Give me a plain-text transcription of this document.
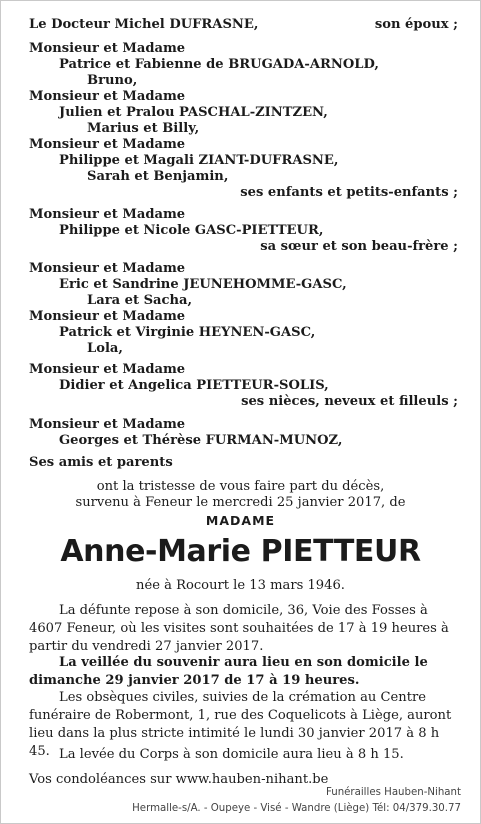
Le Docteur Michel DUFRASNE,	son époux ;
Monsieur et Madame
Patrice et Fabienne de BRUGADA-ARNOLD,
Bruno,
Monsieur et Madame
Julien et Pralou PASCHAL-ZINTZEN,
Marius et Billy,
Monsieur et Madame
Philippe et Magali ZIANT-DUFRASNE,
Sarah et Benjamin,
ses enfants et petits-enfants ;
Monsieur et Madame
Philippe et Nicole GASC-PIETTEUR,
sa sœur et son beau-frère ;
Monsieur et Madame
Eric et Sandrine JEUNEHOMME-GASC,
Lara et Sacha,
Monsieur et Madame
Patrick et Virginie HEYNEN-GASC,
Lola,
Monsieur et Madame
Didier et Angelica PIETTEUR-SOLIS,
ses nièces, neveux et filleuls ;
Monsieur et Madame
Georges et Thérèse FURMAN-MUNOZ,
Ses amis et parents
ont la tristesse de vous faire part du décès,
survenu à Feneur le mercredi 25 janvier 2017, de
MADAME
Anne-Marie PIETTEUR
née à Rocourt le 13 mars 1946.
La défunte repose à son domicile, 36, Voie des Fosses à 4607 Feneur, où les visites sont souhaitées de 17 à 19 heures à partir du vendredi 27 janvier 2017.
La veillée du souvenir aura lieu en son domicile le dimanche 29 janvier 2017 de 17 à 19 heures.
Les obsèques civiles, suivies de la crémation au Centre funéraire de Robermont, 1, rue des Coquelicots à Liège, auront lieu dans la plus stricte intimité le lundi 30 janvier 2017 à 8 h 45. La levée du Corps à son domicile aura lieu à 8 h 15.
Vos condoléances sur www.hauben-nihant.be
Funérailles Hauben-Nihant
Hermalle-s/A. - Oupeye - Visé - Wandre (Liège) Tél: 04/379.30.77
